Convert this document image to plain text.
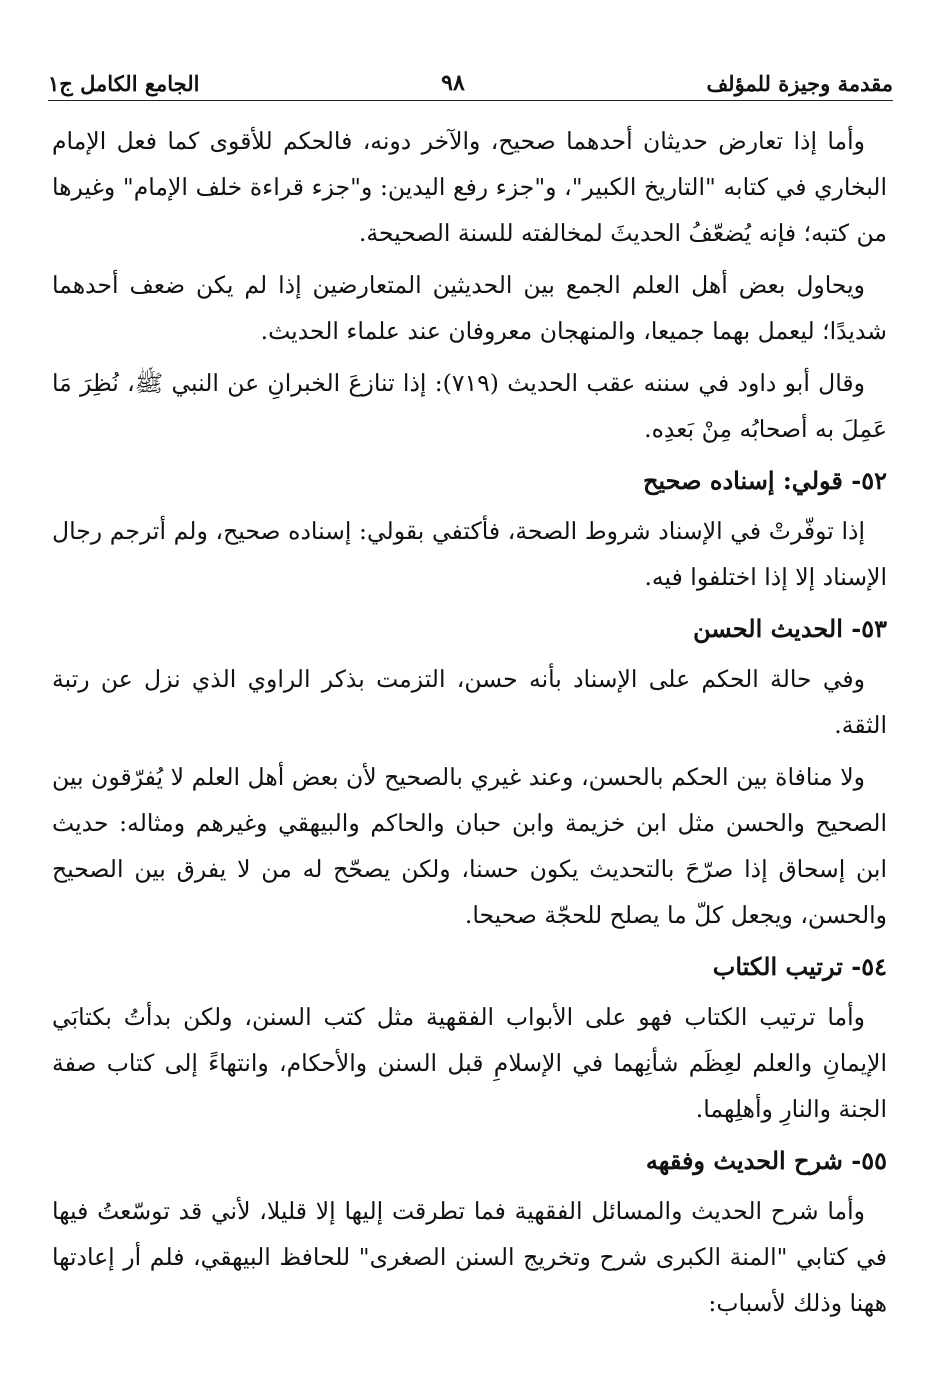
مقدمة وجيزة للمؤلف
٩٨
الجامع الكامل ج١

وأما إذا تعارض حديثان أحدهما صحيح، والآخر دونه، فالحكم للأقوى كما فعل الإمام البخاري في كتابه "التاريخ الكبير"، و"جزء رفع اليدين: و"جزء قراءة خلف الإمام" وغيرها من كتبه؛ فإنه يُضعّفُ الحديثَ لمخالفته للسنة الصحيحة.

ويحاول بعض أهل العلم الجمع بين الحديثين المتعارضين إذا لم يكن ضعف أحدهما شديدًا؛ ليعمل بهما جميعا، والمنهجان معروفان عند علماء الحديث.

وقال أبو داود في سننه عقب الحديث (٧١٩): إذا تنازعَ الخبرانِ عن النبي ﷺ، نُظِرَ مَا عَمِلَ به أصحابُه مِنْ بَعدِه.

٥٢- قولي: إسناده صحيح

إذا توفّرتْ في الإسناد شروط الصحة، فأكتفي بقولي: إسناده صحيح، ولم أترجم رجال الإسناد إلا إذا اختلفوا فيه.

٥٣- الحديث الحسن

وفي حالة الحكم على الإسناد بأنه حسن، التزمت بذكر الراوي الذي نزل عن رتبة الثقة.

ولا منافاة بين الحكم بالحسن، وعند غيري بالصحيح لأن بعض أهل العلم لا يُفرّقون بين الصحيح والحسن مثل ابن خزيمة وابن حبان والحاكم والبيهقي وغيرهم ومثاله: حديث ابن إسحاق إذا صرّحَ بالتحديث يكون حسنا، ولكن يصحّح له من لا يفرق بين الصحيح والحسن، ويجعل كلّ ما يصلح للحجّة صحيحا.

٥٤- ترتيب الكتاب

وأما ترتيب الكتاب فهو على الأبواب الفقهية مثل كتب السنن، ولكن بدأتُ بكتابَي الإيمانِ والعلم لعِظَم شأنِهما في الإسلامِ قبل السنن والأحكام، وانتهاءً إلى كتاب صفة الجنة والنارِ وأهلِهما.

٥٥- شرح الحديث وفقهه

وأما شرح الحديث والمسائل الفقهية فما تطرقت إليها إلا قليلا، لأني قد توسّعتُ فيها في كتابي "المنة الكبرى شرح وتخريج السنن الصغرى" للحافظ البيهقي، فلم أر إعادتها ههنا وذلك لأسباب:
